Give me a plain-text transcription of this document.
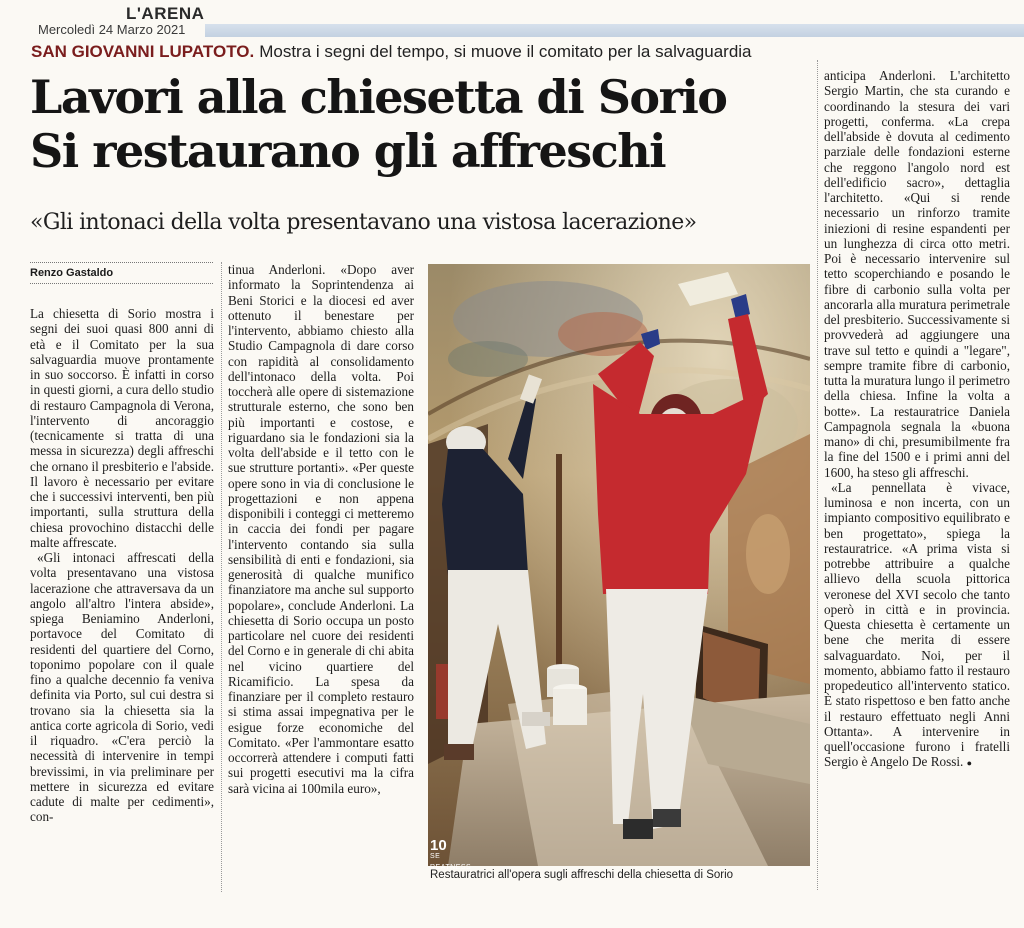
L'ARENA
Mercoledì 24 Marzo 2021
SAN GIOVANNI LUPATOTO. Mostra i segni del tempo, si muove il comitato per la salvaguardia
Lavori alla chiesetta di Sorio
Si restaurano gli affreschi
«Gli intonaci della volta presentavano una vistosa lacerazione»
Renzo Gastaldo

La chiesetta di Sorio mostra i segni dei suoi quasi 800 anni di età e il Comitato per la sua salvaguardia muove prontamente in suo soccorso. È infatti in corso in questi giorni, a cura dello studio di restauro Campagnola di Verona, l'intervento di ancoraggio (tecnicamente si tratta di una messa in sicurezza) degli affreschi che ornano il presbiterio e l'abside. Il lavoro è necessario per evitare che i successivi interventi, ben più importanti, sulla struttura della chiesa provochino distacchi delle malte affrescate.

«Gli intonaci affrescati della volta presentavano una vistosa lacerazione che attraversava da un angolo all'altro l'intera abside», spiega Beniamino Anderloni, portavoce del Comitato di residenti del quartiere del Corno, toponimo popolare con il quale fino a qualche decennio fa veniva definita via Porto, sul cui destra si trovano sia la chiesetta sia la antica corte agricola di Sorio, vedi il riquadro. «C'era perciò la necessità di intervenire in tempi brevissimi, in via preliminare per mettere in sicurezza ed evitare cadute di malte per cedimenti», con-

tinua Anderloni. «Dopo aver informato la Soprintendenza ai Beni Storici e la diocesi ed aver ottenuto il benestare per l'intervento, abbiamo chiesto alla Studio Campagnola di dare corso con rapidità al consolidamento dell'intonaco della volta. Poi toccherà alle opere di sistemazione strutturale esterno, che sono ben più importanti e costose, e riguardano sia le fondazioni sia la volta dell'abside e il tetto con le sue strutture portanti». «Per queste opere sono in via di conclusione le progettazioni e non appena disponibili i conteggi ci metteremo in caccia dei fondi per pagare l'intervento contando sia sulla sensibilità di enti e fondazioni, sia generosità di qualche munifico finanziatore ma anche sul supporto popolare», conclude Anderloni. La chiesetta di Sorio occupa un posto particolare nel cuore dei residenti del Corno e in generale di chi abita nel vicino quartiere del Ricamificio. La spesa da finanziare per il completo restauro si stima assai impegnativa per le esigue forze economiche del Comitato. «Per l'ammontare esatto occorrerà attendere i computi fatti sui progetti esecutivi ma la cifra sarà vicina ai 100mila euro»,

10
SE
REATNESS
Restauratrici all'opera sugli affreschi della chiesetta di Sorio

anticipa Anderloni. L'architetto Sergio Martin, che sta curando e coordinando la stesura dei vari progetti, conferma. «La crepa dell'abside è dovuta al cedimento parziale delle fondazioni esterne che reggono l'angolo nord est dell'edificio sacro», dettaglia l'architetto. «Qui si rende necessario un rinforzo tramite iniezioni di resine espandenti per un lunghezza di circa otto metri. Poi è necessario intervenire sul tetto scoperchiando e posando le fibre di carbonio sulla volta per ancorarla alla muratura perimetrale del presbiterio. Successivamente si provvederà ad aggiungere una trave sul tetto e quindi a "legare", sempre tramite fibre di carbonio, tutta la muratura lungo il perimetro della chiesa. Infine la volta a botte». La restauratrice Daniela Campagnola segnala la «buona mano» di chi, presumibilmente fra la fine del 1500 e i primi anni del 1600, ha steso gli affreschi.

«La pennellata è vivace, luminosa e non incerta, con un impianto compositivo equilibrato e ben progettato», spiega la restauratrice. «A prima vista si potrebbe attribuire a qualche allievo della scuola pittorica veronese del XVI secolo che tanto operò in città e in provincia. Questa chiesetta è certamente un bene che merita di essere salvaguardato. Noi, per il momento, abbiamo fatto il restauro propedeutico all'intervento statico. È stato rispettoso e ben fatto anche il restauro effettuato negli Anni Ottanta». A intervenire in quell'occasione furono i fratelli Sergio è Angelo De Rossi. ●
